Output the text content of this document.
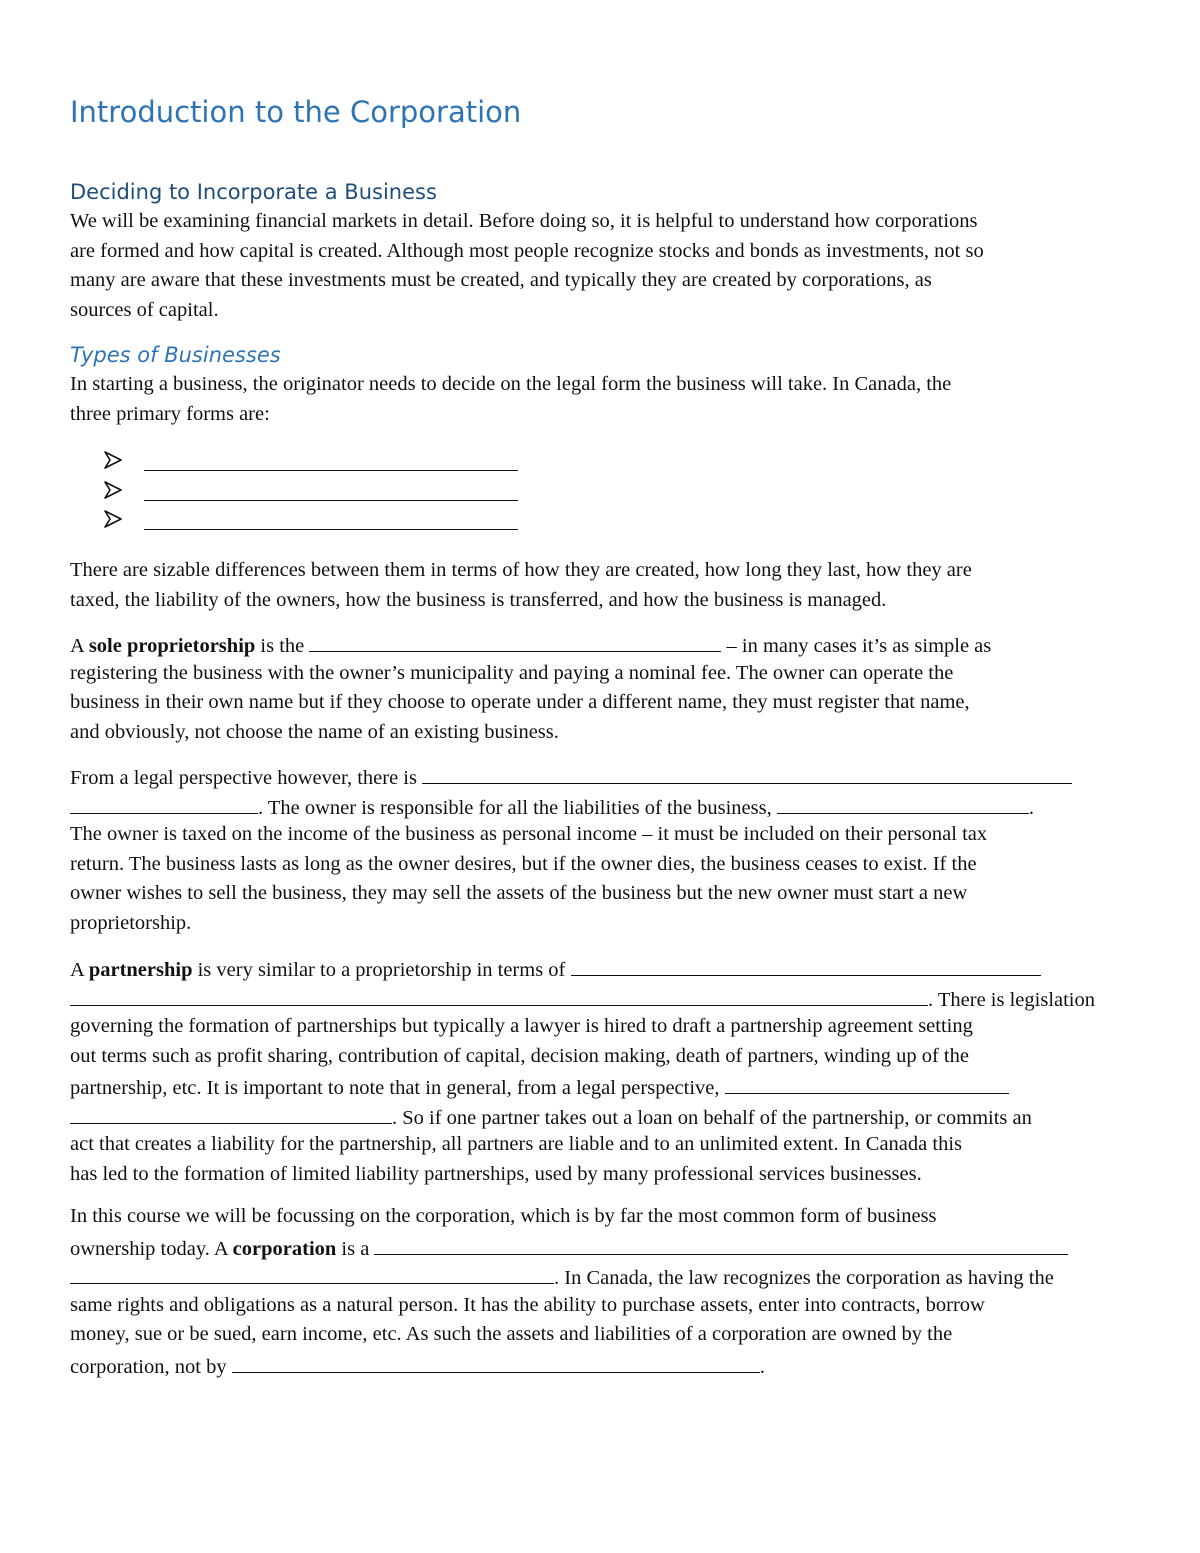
Introduction to the Corporation
Deciding to Incorporate a Business
We will be examining financial markets in detail. Before doing so, it is helpful to understand how corporations
are formed and how capital is created. Although most people recognize stocks and bonds as investments, not so
many are aware that these investments must be created, and typically they are created by corporations, as
sources of capital.
Types of Businesses
In starting a business, the originator needs to decide on the legal form the business will take. In Canada, the
three primary forms are:
There are sizable differences between them in terms of how they are created, how long they last, how they are
taxed, the liability of the owners, how the business is transferred, and how the business is managed.
A sole proprietorship is the	– in many cases it’s as simple as
registering the business with the owner’s municipality and paying a nominal fee. The owner can operate the
business in their own name but if they choose to operate under a different name, they must register that name,
and obviously, not choose the name of an existing business.
From a legal perspective however, there is
. The owner is responsible for all the liabilities of the business,	.
The owner is taxed on the income of the business as personal income – it must be included on their personal tax
return. The business lasts as long as the owner desires, but if the owner dies, the business ceases to exist. If the
owner wishes to sell the business, they may sell the assets of the business but the new owner must start a new
proprietorship.
A partnership is very similar to a proprietorship in terms of
. There is legislation
governing the formation of partnerships but typically a lawyer is hired to draft a partnership agreement setting
out terms such as profit sharing, contribution of capital, decision making, death of partners, winding up of the
partnership, etc. It is important to note that in general, from a legal perspective,
. So if one partner takes out a loan on behalf of the partnership, or commits an
act that creates a liability for the partnership, all partners are liable and to an unlimited extent. In Canada this
has led to the formation of limited liability partnerships, used by many professional services businesses.
In this course we will be focussing on the corporation, which is by far the most common form of business
ownership today. A corporation is a
. In Canada, the law recognizes the corporation as having the
same rights and obligations as a natural person. It has the ability to purchase assets, enter into contracts, borrow
money, sue or be sued, earn income, etc. As such the assets and liabilities of a corporation are owned by the
corporation, not by	.
